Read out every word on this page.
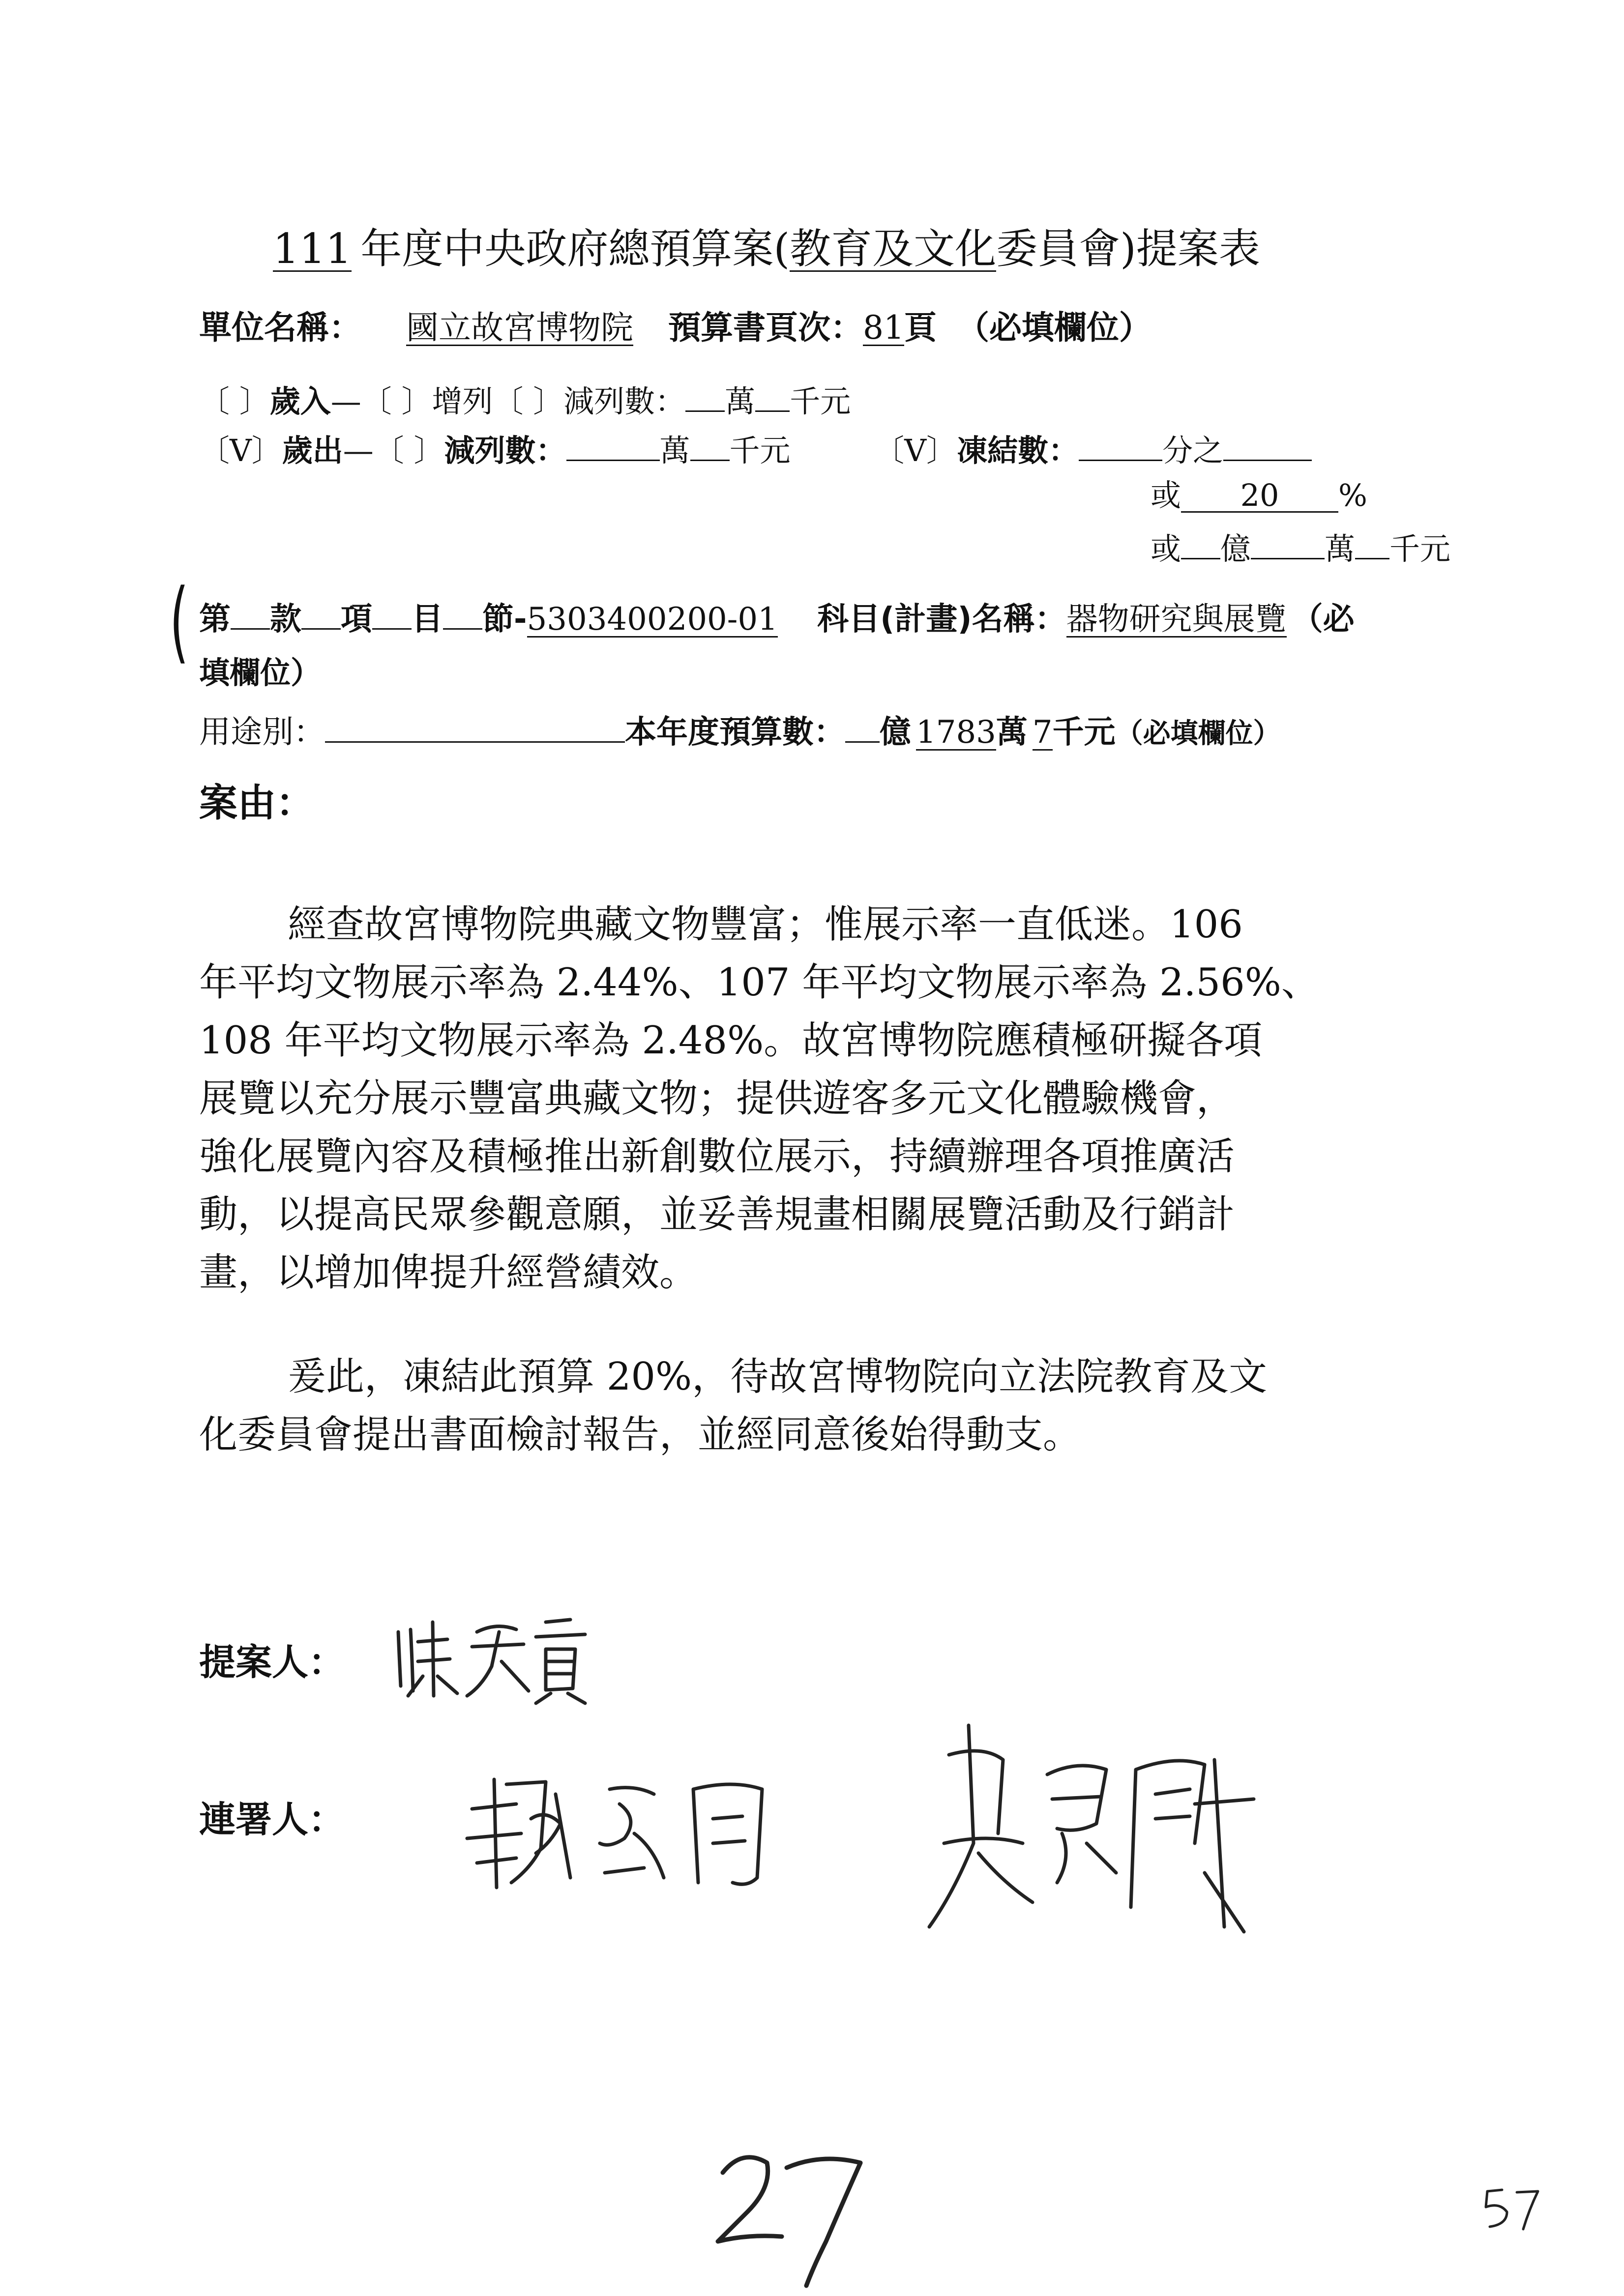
111 年度中央政府總預算案(教育及文化委員會)提案表
單位名稱： 國立故宮博物院 預算書頁次：81頁 （必填欄位）
〔 〕歲入—〔 〕增列〔 〕減列數： 萬 千元
〔V〕歲出—〔 〕減列數：	萬 千元	〔V〕凍結數：	分之
或 20 %
或 億 萬 千元
( 第 款 項 目 節-5303400200-01 科目(計畫)名稱：器物研究與展覽 （必
填欄位）
用途別：	本年度預算數： 億 1783萬 7千元（必填欄位）
案由：
經查故宮博物院典藏文物豐富；惟展示率一直低迷。106
年平均文物展示率為 2.44%、107 年平均文物展示率為 2.56%、
108 年平均文物展示率為 2.48%。故宮博物院應積極研擬各項
展覽以充分展示豐富典藏文物；提供遊客多元文化體驗機會，
強化展覽內容及積極推出新創數位展示，持續辦理各項推廣活
動，以提高民眾參觀意願，並妥善規畫相關展覽活動及行銷計
畫，以增加俾提升經營績效。
爰此，凍結此預算 20%，待故宮博物院向立法院教育及文
化委員會提出書面檢討報告，並經同意後始得動支。
提案人：
連署人：
